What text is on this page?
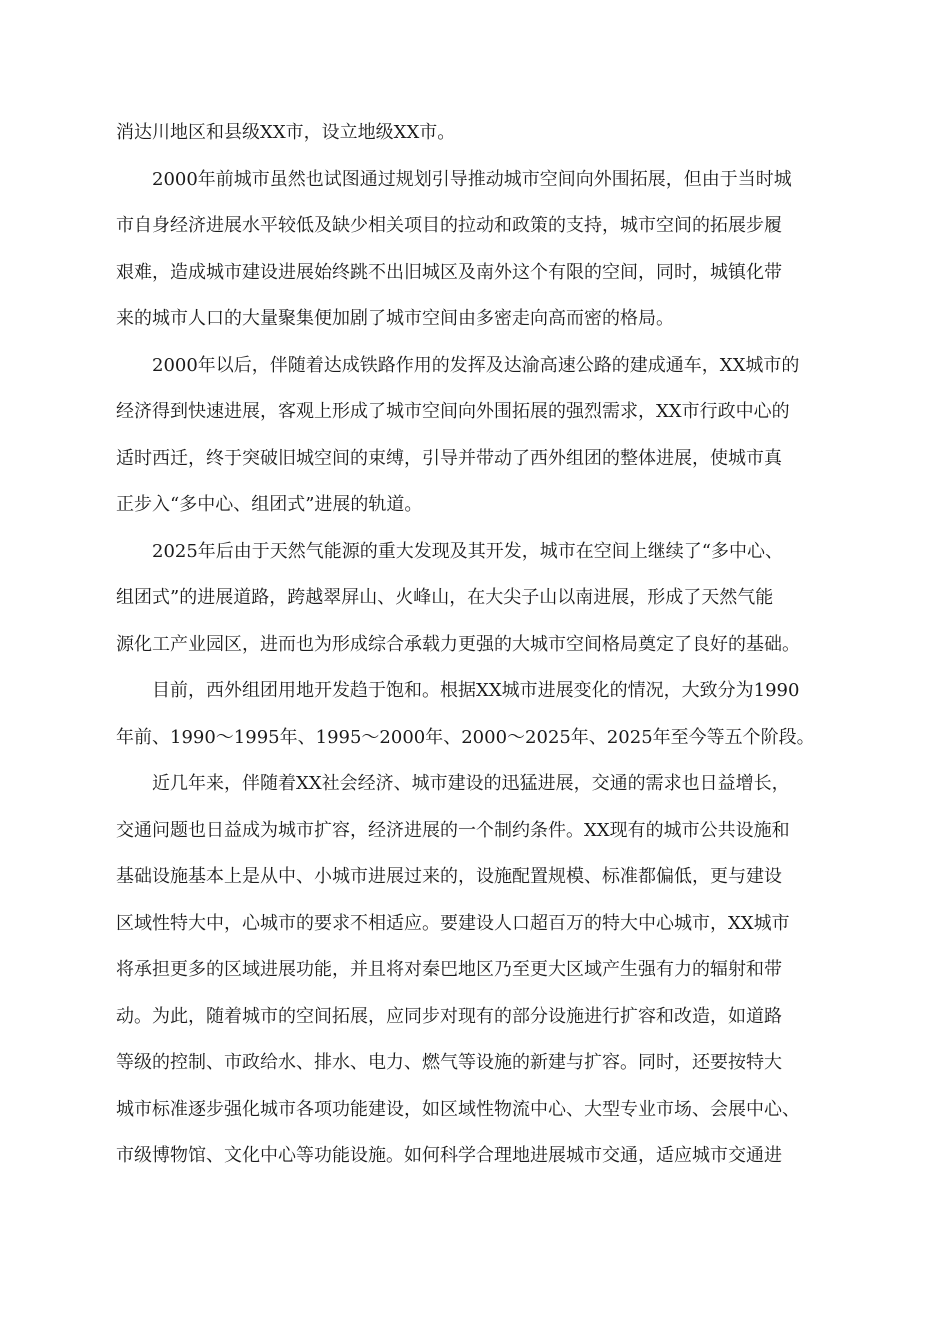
消达川地区和县级XX市，设立地级XX市。
2000年前城市虽然也试图通过规划引导推动城市空间向外围拓展，但由于当时城
市自身经济进展水平较低及缺少相关项目的拉动和政策的支持，城市空间的拓展步履
艰难，造成城市建设进展始终跳不出旧城区及南外这个有限的空间，同时，城镇化带
来的城市人口的大量聚集便加剧了城市空间由多密走向高而密的格局。
2000年以后，伴随着达成铁路作用的发挥及达渝高速公路的建成通车，XX城市的
经济得到快速进展，客观上形成了城市空间向外围拓展的强烈需求，XX市行政中心的
适时西迁，终于突破旧城空间的束缚，引导并带动了西外组团的整体进展，使城市真
正步入“多中心、组团式”进展的轨道。
2025年后由于天然气能源的重大发现及其开发，城市在空间上继续了“多中心、
组团式”的进展道路，跨越翠屏山、火峰山，在大尖子山以南进展，形成了天然气能
源化工产业园区，进而也为形成综合承载力更强的大城市空间格局奠定了良好的基础。
目前，西外组团用地开发趋于饱和。根据XX城市进展变化的情况，大致分为1990
年前、1990～1995年、1995～2000年、2000～2025年、2025年至今等五个阶段。
近几年来，伴随着XX社会经济、城市建设的迅猛进展，交通的需求也日益增长，
交通问题也日益成为城市扩容，经济进展的一个制约条件。XX现有的城市公共设施和
基础设施基本上是从中、小城市进展过来的，设施配置规模、标准都偏低，更与建设
区域性特大中，心城市的要求不相适应。要建设人口超百万的特大中心城市，XX城市
将承担更多的区域进展功能，并且将对秦巴地区乃至更大区域产生强有力的辐射和带
动。为此，随着城市的空间拓展，应同步对现有的部分设施进行扩容和改造，如道路
等级的控制、市政给水、排水、电力、燃气等设施的新建与扩容。同时，还要按特大
城市标准逐步强化城市各项功能建设，如区域性物流中心、大型专业市场、会展中心、
市级博物馆、文化中心等功能设施。如何科学合理地进展城市交通，适应城市交通进
